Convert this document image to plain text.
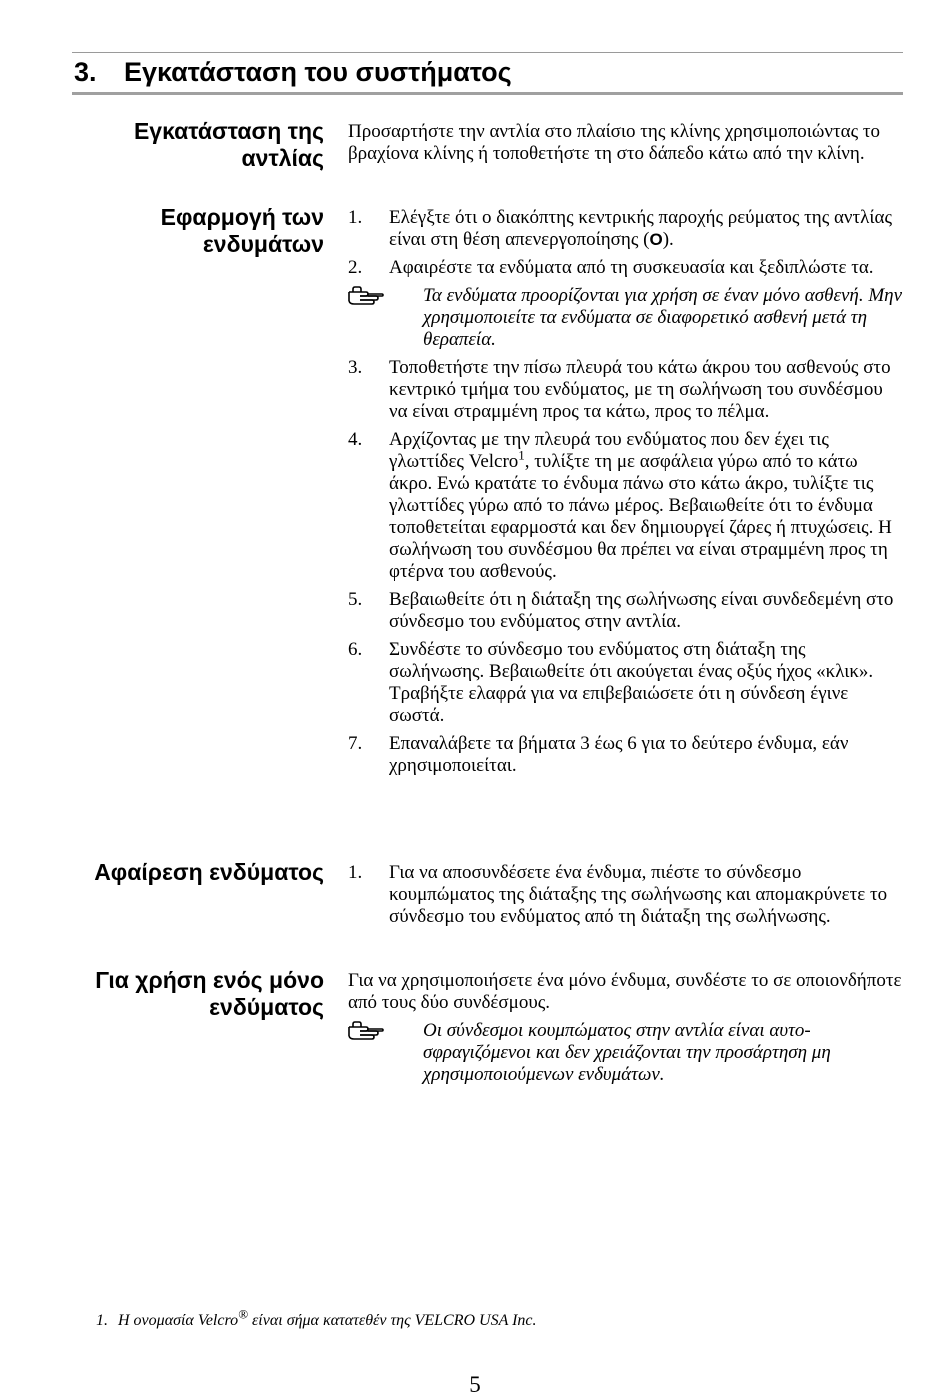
3. Εγκατάσταση του συστήματος
Εγκατάσταση της
αντλίας

Προσαρτήστε την αντλία στο πλαίσιο της κλίνης χρησιμοποιώντας το βραχίονα κλίνης ή τοποθετήστε τη στο δάπεδο κάτω από την κλίνη.

Εφαρμογή των
ενδυμάτων
1. Ελέγξτε ότι ο διακόπτης κεντρικής παροχής ρεύματος της αντλίας είναι στη θέση απενεργοποίησης (O).
2. Αφαιρέστε τα ενδύματα από τη συσκευασία και ξεδιπλώστε τα.
Τα ενδύματα προορίζονται για χρήση σε έναν μόνο ασθενή. Μην χρησιμοποιείτε τα ενδύματα σε διαφορετικό ασθενή μετά τη θεραπεία.
3. Τοποθετήστε την πίσω πλευρά του κάτω άκρου του ασθενούς στο κεντρικό τμήμα του ενδύματος, με τη σωλήνωση του συνδέσμου να είναι στραμμένη προς τα κάτω, προς το πέλμα.
4. Αρχίζοντας με την πλευρά του ενδύματος που δεν έχει τις γλωττίδες Velcro$^1$, τυλίξτε τη με ασφάλεια γύρω από το κάτω άκρο. Ενώ κρατάτε το ένδυμα πάνω στο κάτω άκρο, τυλίξτε τις γλωττίδες γύρω από το πάνω μέρος. Βεβαιωθείτε ότι το ένδυμα τοποθετείται εφαρμοστά και δεν δημιουργεί ζάρες ή πτυχώσεις. Η σωλήνωση του συνδέσμου θα πρέπει να είναι στραμμένη προς τη φτέρνα του ασθενούς.
5. Βεβαιωθείτε ότι η διάταξη της σωλήνωσης είναι συνδεδεμένη στο σύνδεσμο του ενδύματος στην αντλία.
6. Συνδέστε το σύνδεσμο του ενδύματος στη διάταξη της σωλήνωσης. Βεβαιωθείτε ότι ακούγεται ένας οξύς ήχος «κλικ». Τραβήξτε ελαφρά για να επιβεβαιώσετε ότι η σύνδεση έγινε σωστά.
7. Επαναλάβετε τα βήματα 3 έως 6 για το δεύτερο ένδυμα, εάν χρησιμοποιείται.
Αφαίρεση ενδύματος 1. Για να αποσυνδέσετε ένα ένδυμα, πιέστε το σύνδεσμο κουμπώματος της διάταξης της σωλήνωσης και απομακρύνετε το σύνδεσμο του ενδύματος από τη διάταξη της σωλήνωσης.
Για χρήση ενός μόνο
ενδύματος

Για να χρησιμοποιήσετε ένα μόνο ένδυμα, συνδέστε το σε οποιονδήποτε από τους δύο συνδέσμους.

Οι σύνδεσμοι κουμπώματος στην αντλία είναι αυτο-σφραγιζόμενοι και δεν χρειάζονται την προσάρτηση μη χρησιμοποιούμενων ενδυμάτων.
1. Η ονομασία Velcro® είναι σήμα κατατεθέν της VELCRO USA Inc.
5
